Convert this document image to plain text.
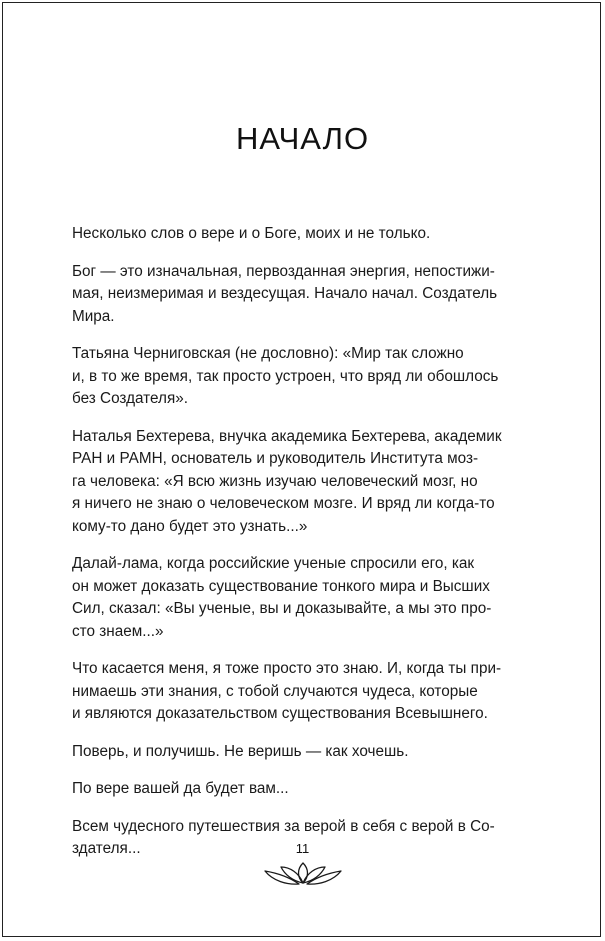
НАЧАЛО

Несколько слов о вере и о Боге, моих и не только.

Бог — это изначальная, первозданная энергия, непостижи-
мая, неизмеримая и вездесущая. Начало начал. Создатель
Мира.

Татьяна Черниговская (не дословно): «Мир так сложно
и, в то же время, так просто устроен, что вряд ли обошлось
без Создателя».

Наталья Бехтерева, внучка академика Бехтерева, академик
РАН и РАМН, основатель и руководитель Института моз-
га человека: «Я всю жизнь изучаю человеческий мозг, но
я ничего не знаю о человеческом мозге. И вряд ли когда-то
кому-то дано будет это узнать...»

Далай-лама, когда российские ученые спросили его, как
он может доказать существование тонкого мира и Высших
Сил, сказал: «Вы ученые, вы и доказывайте, а мы это про-
сто знаем...»

Что касается меня, я тоже просто это знаю. И, когда ты при-
нимаешь эти знания, с тобой случаются чудеса, которые
и являются доказательством существования Всевышнего.

Поверь, и получишь. Не веришь — как хочешь.

По вере вашей да будет вам...

Всем чудесного путешествия за верой в себя с верой в Со-
здателя...	11
